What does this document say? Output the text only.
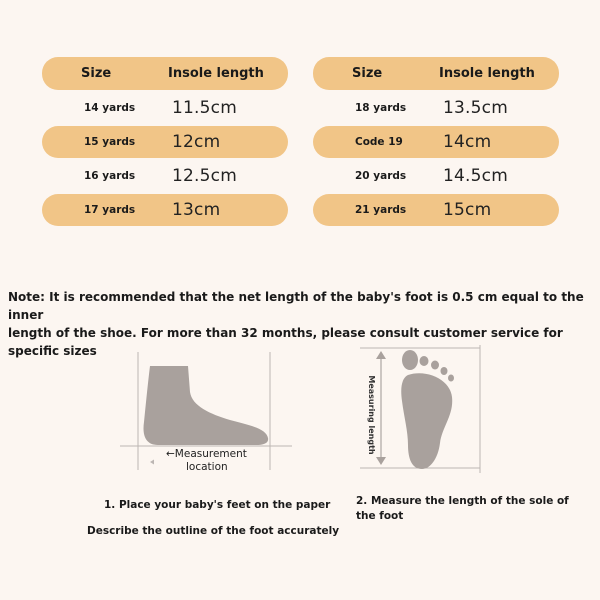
Size	Insole length
14 yards	11.5cm
15 yards	12cm
16 yards	12.5cm
17 yards	13cm
Size	Insole length
18 yards	13.5cm
Code 19	14cm
20 yards	14.5cm
21 yards	15cm
Note: It is recommended that the net length of the baby's foot is 0.5 cm equal to the inner
length of the shoe. For more than 32 months, please consult customer service for specific sizes
←Measurement
location
Measuring length
1. Place your baby's feet on the paper
Describe the outline of the foot accurately
2. Measure the length of the sole of
the foot
